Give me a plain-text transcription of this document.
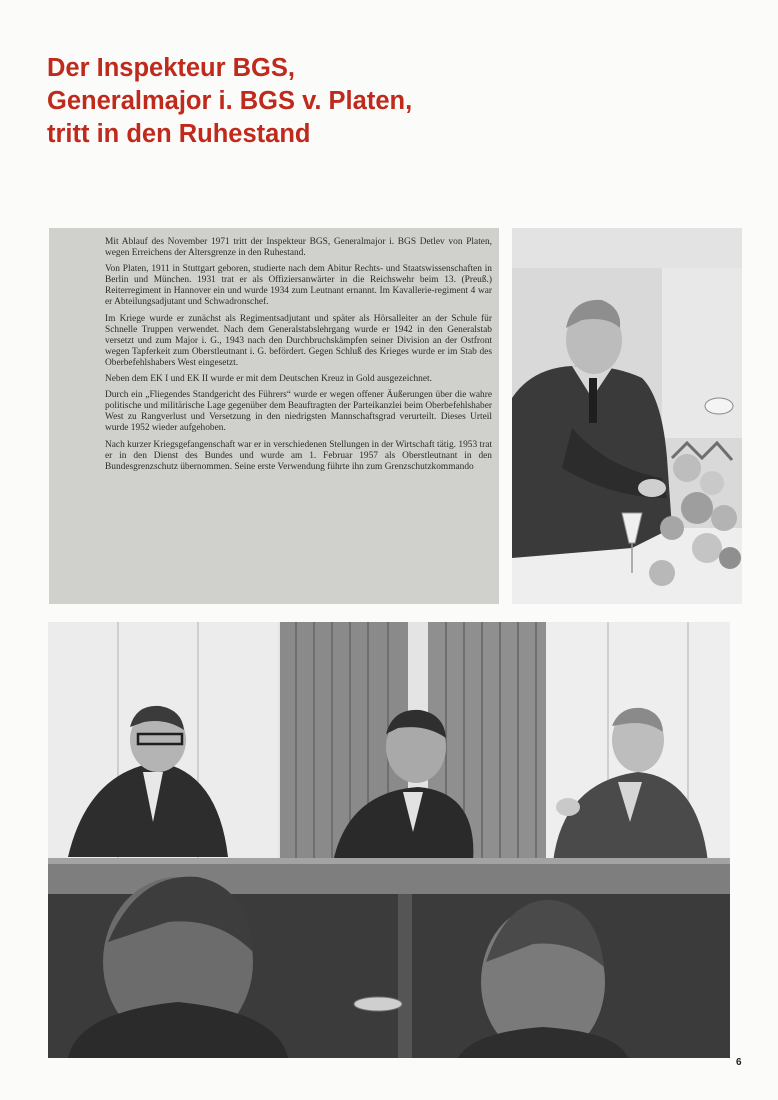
Der Inspekteur BGS,
Generalmajor i. BGS v. Platen,
tritt in den Ruhestand

Mit Ablauf des November 1971 tritt der Inspekteur BGS, Generalmajor i. BGS Detlev von Platen, wegen Erreichens der Altersgrenze in den Ruhestand.

Von Platen, 1911 in Stuttgart geboren, studierte nach dem Abitur Rechts- und Staatswissenschaften in Berlin und München. 1931 trat er als Offiziersanwärter in die Reichswehr beim 13. (Preuß.) Reiterregiment in Hannover ein und wurde 1934 zum Leutnant ernannt. Im Kavallerie-regiment 4 war er Abteilungsadjutant und Schwadronschef.

Im Kriege wurde er zunächst als Regimentsadjutant und später als Hörsalleiter an der Schule für Schnelle Truppen verwendet. Nach dem Generalstabslehrgang wurde er 1942 in den Generalstab versetzt und zum Major i. G., 1943 nach den Durchbruchskämpfen seiner Division an der Ostfront wegen Tapferkeit zum Oberstleutnant i. G. befördert. Gegen Schluß des Krieges wurde er im Stab des Oberbefehlshabers West eingesetzt.

Neben dem EK I und EK II wurde er mit dem Deutschen Kreuz in Gold ausgezeichnet.

Durch ein „Fliegendes Standgericht des Führers“ wurde er wegen offener Äußerungen über die wahre politische und militärische Lage gegenüber dem Beauftragten der Parteikanzlei beim Oberbefehlshaber West zu Rangverlust und Versetzung in den niedrigsten Mannschaftsgrad verurteilt. Dieses Urteil wurde 1952 wieder aufgehoben.

Nach kurzer Kriegsgefangenschaft war er in verschiedenen Stellungen in der Wirtschaft tätig. 1953 trat er in den Dienst des Bundes und wurde am 1. Februar 1957 als Oberstleutnant in den Bundesgrenzschutz übernommen. Seine erste Verwendung führte ihn zum Grenzschutzkommando

6
